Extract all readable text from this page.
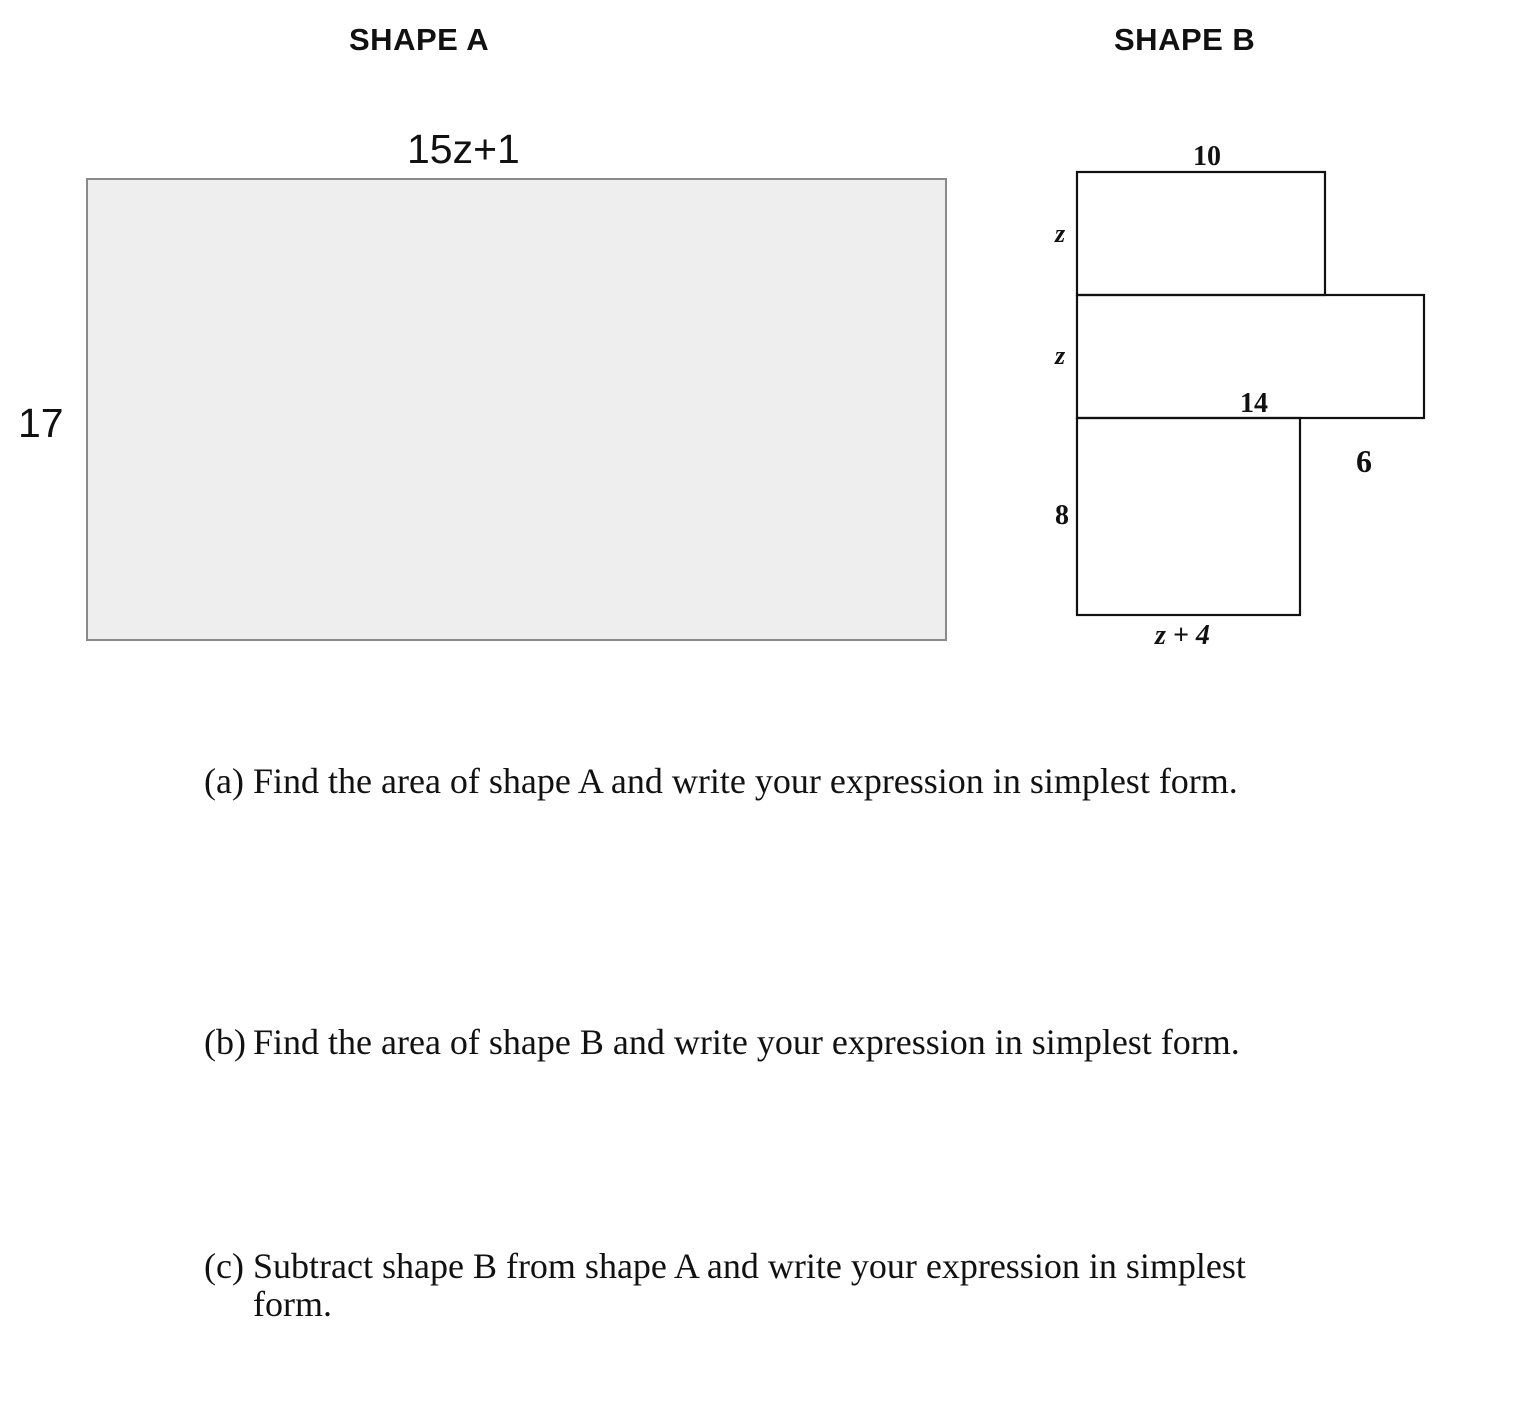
SHAPE A	SHAPE B
15z+1
17
10
z
z
14
6
8
z + 4
(a) Find the area of shape A and write your expression in simplest form.
(b) Find the area of shape B and write your expression in simplest form.
(c) Subtract shape B from shape A and write your expression in simplest
form.
